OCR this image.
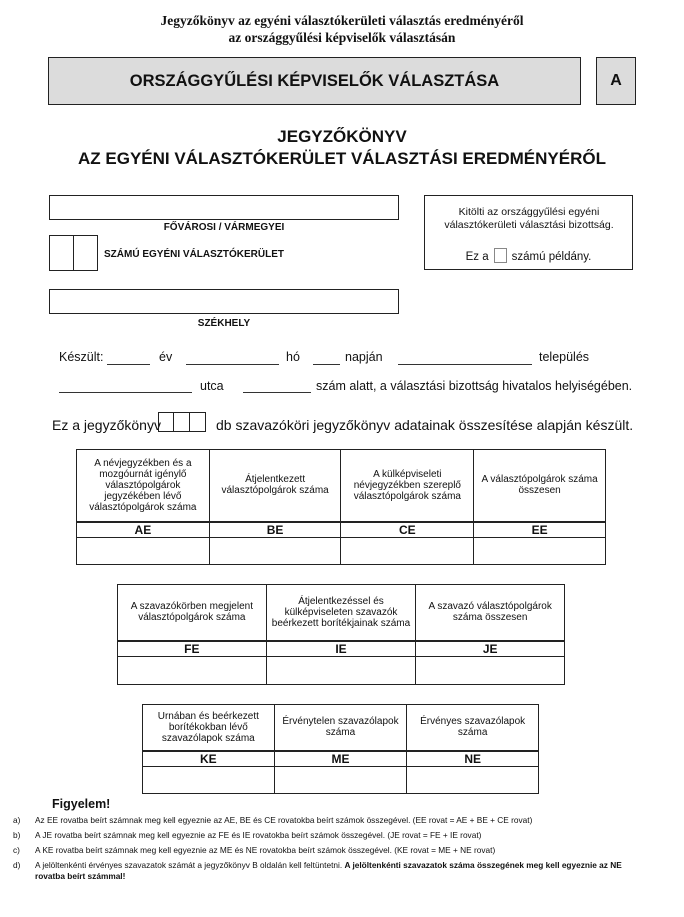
Jegyzőkönyv az egyéni választókerületi választás eredményéről
az országgyűlési képviselők választásán
ORSZÁGGYŰLÉSI KÉPVISELŐK VÁLASZTÁSA	A
JEGYZŐKÖNYV
AZ EGYÉNI VÁLASZTÓKERÜLET VÁLASZTÁSI EREDMÉNYÉRŐL
FŐVÁROSI / VÁRMEGYEI
SZÁMÚ EGYÉNI VÁLASZTÓKERÜLET
Kitölti az országgyűlési egyéni választókerületi választási bizottság.
Ez a számú példány.
SZÉKHELY
Készült:	év	hó	napján	település
utca	szám alatt, a választási bizottság hivatalos helyiségében.
Ez a jegyzőkönyv	db szavazóköri jegyzőkönyv adatainak összesítése alapján készült.
A névjegyzékben és a mozgóurnát igénylő választópolgárok jegyzékében lévő választópolgárok száma	Átjelentkezett választópolgárok száma	A külképviseleti névjegyzékben szereplő választópolgárok száma	A választópolgárok száma összesen
AE	BE	CE	EE

A szavazókörben megjelent választópolgárok száma	Átjelentkezéssel és külképviseleten szavazók beérkezett borítékjainak száma	A szavazó választópolgárok száma összesen
FE	IE	JE

Urnában és beérkezett borítékokban lévő szavazólapok száma	Érvénytelen szavazólapok száma	Érvényes szavazólapok száma
KE	ME	NE

Figyelem!
a)	Az EE rovatba beírt számnak meg kell egyeznie az AE, BE és CE rovatokba beírt számok összegével. (EE rovat = AE + BE + CE rovat)
b)	A JE rovatba beírt számnak meg kell egyeznie az FE és IE rovatokba beírt számok összegével. (JE rovat = FE + IE rovat)
c)	A KE rovatba beírt számnak meg kell egyeznie az ME és NE rovatokba beírt számok összegével. (KE rovat = ME + NE rovat)
d)	A jelöltenkénti érvényes szavazatok számát a jegyzőkönyv B oldalán kell feltüntetni. A jelöltenkénti szavazatok száma összegének meg kell egyeznie az NE rovatba beírt számmal!
